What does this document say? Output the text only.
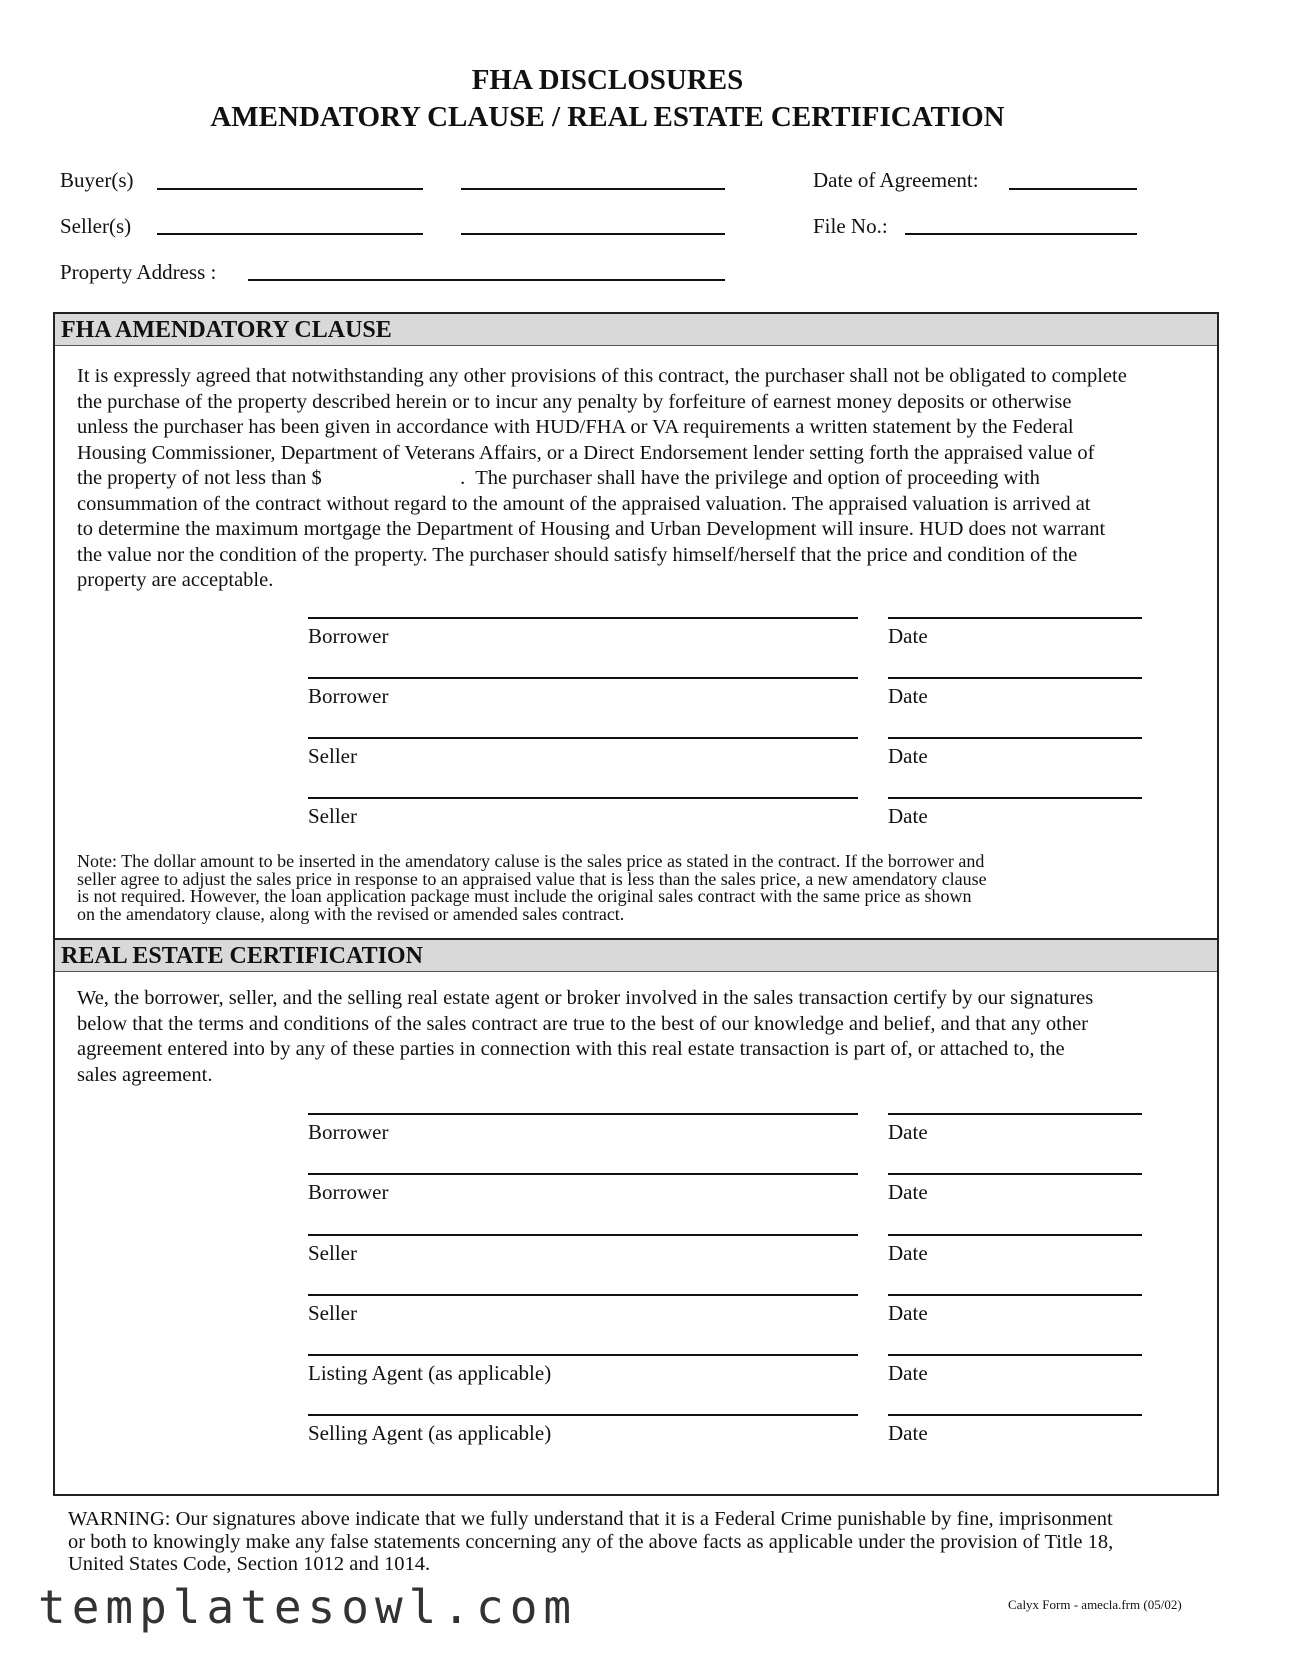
FHA DISCLOSURES
AMENDATORY CLAUSE / REAL ESTATE CERTIFICATION
Buyer(s)	Date of Agreement:
Seller(s)	File No.:
Property Address :
FHA AMENDATORY CLAUSE
It is expressly agreed that notwithstanding any other provisions of this contract, the purchaser shall not be obligated to complete
the purchase of the property described herein or to incur any penalty by forfeiture of earnest money deposits or otherwise
unless the purchaser has been given in accordance with HUD/FHA or VA requirements a written statement by the Federal
Housing Commissioner, Department of Veterans Affairs, or a Direct Endorsement lender setting forth the appraised value of
the property of not less than $                           .  The purchaser shall have the privilege and option of proceeding with
consummation of the contract without regard to the amount of the appraised valuation. The appraised valuation is arrived at
to determine the maximum mortgage the Department of Housing and Urban Development will insure. HUD does not warrant
the value nor the condition of the property. The purchaser should satisfy himself/herself that the price and condition of the
property are acceptable.
Borrower	Date
Borrower	Date
Seller	Date
Seller	Date
Note: The dollar amount to be inserted in the amendatory caluse is the sales price as stated in the contract. If the borrower and
seller agree to adjust the sales price in response to an appraised value that is less than the sales price, a new amendatory clause
is not required. However, the loan application package must include the original sales contract with the same price as shown
on the amendatory clause, along with the revised or amended sales contract.
REAL ESTATE CERTIFICATION
We, the borrower, seller, and the selling real estate agent or broker involved in the sales transaction certify by our signatures
below that the terms and conditions of the sales contract are true to the best of our knowledge and belief, and that any other
agreement entered into by any of these parties in connection with this real estate transaction is part of, or attached to, the
sales agreement.
Borrower	Date
Borrower	Date
Seller	Date
Seller	Date
Listing Agent (as applicable)	Date
Selling Agent (as applicable)	Date
WARNING: Our signatures above indicate that we fully understand that it is a Federal Crime punishable by fine, imprisonment
or both to knowingly make any false statements concerning any of the above facts as applicable under the provision of Title 18,
United States Code, Section 1012 and 1014.
templatesowl.com	Calyx Form - amecla.frm (05/02)
